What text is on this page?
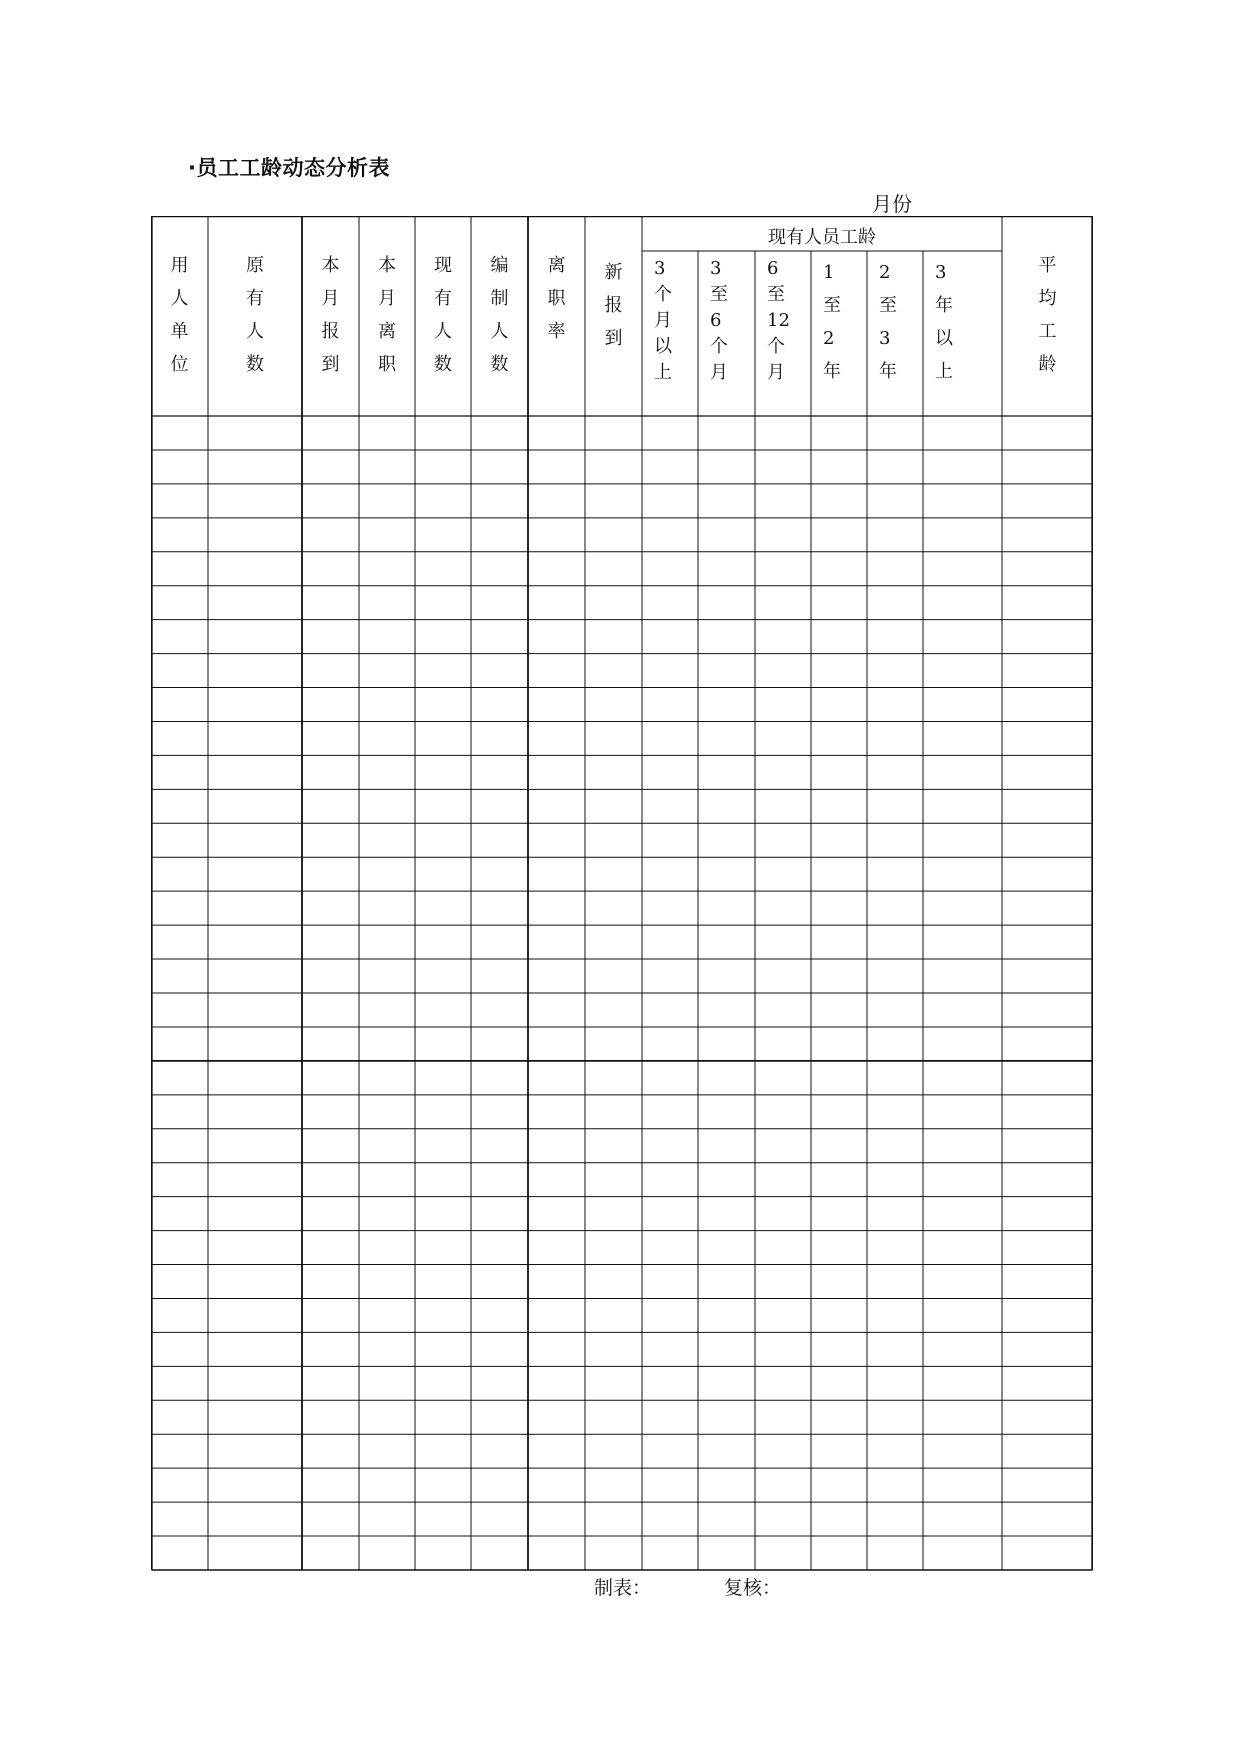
·员工工龄动态分析表
月份
现有人员工龄
用
人
单
位
原
有
人
数
本
月
报
到
本
月
离
职
现
有
人
数
编
制
人
数
离
职
率
新
报
到
3
个
月
以
上
3
至
6
个
月
6
至
12
个
月
1
至
2
年
2
至
3
年
3
年
以
上
平
均
工
龄
制表：	复核：
